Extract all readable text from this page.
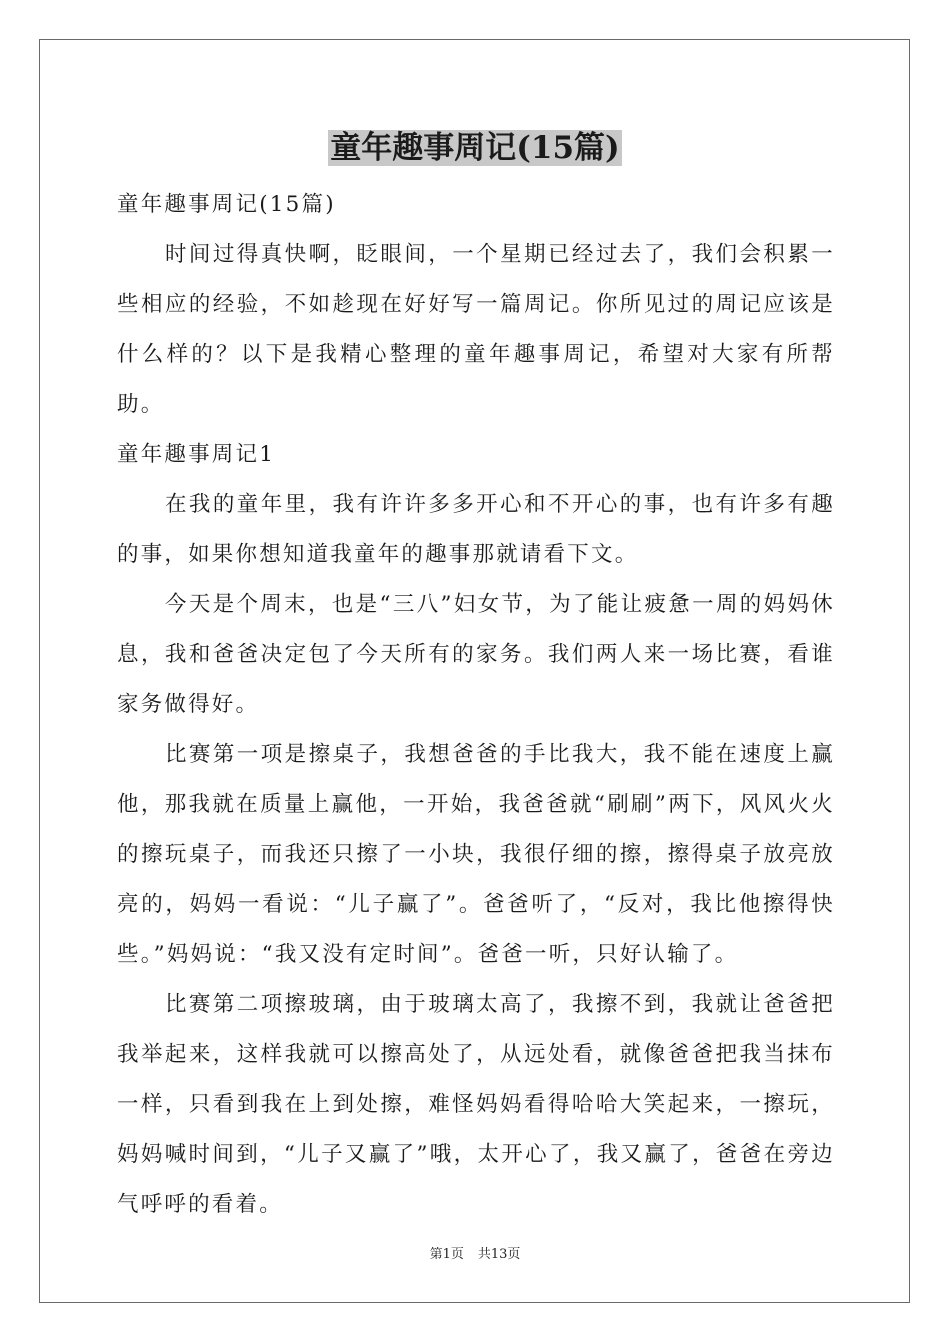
童年趣事周记(15篇)

童年趣事周记(15篇)

时间过得真快啊，眨眼间，一个星期已经过去了，我们会积累一些相应的经验，不如趁现在好好写一篇周记。你所见过的周记应该是什么样的？以下是我精心整理的童年趣事周记，希望对大家有所帮助。

童年趣事周记1

在我的童年里，我有许许多多开心和不开心的事，也有许多有趣的事，如果你想知道我童年的趣事那就请看下文。

今天是个周末，也是“三八”妇女节，为了能让疲惫一周的妈妈休息，我和爸爸决定包了今天所有的家务。我们两人来一场比赛，看谁家务做得好。

比赛第一项是擦桌子，我想爸爸的手比我大，我不能在速度上赢他，那我就在质量上赢他，一开始，我爸爸就“刷刷”两下，风风火火的擦玩桌子，而我还只擦了一小块，我很仔细的擦，擦得桌子放亮放亮的，妈妈一看说：“儿子赢了”。爸爸听了，“反对，我比他擦得快些。”妈妈说：“我又没有定时间”。爸爸一听，只好认输了。

比赛第二项擦玻璃，由于玻璃太高了，我擦不到，我就让爸爸把我举起来，这样我就可以擦高处了，从远处看，就像爸爸把我当抹布一样，只看到我在上到处擦，难怪妈妈看得哈哈大笑起来，一擦玩，妈妈喊时间到，“儿子又赢了”哦，太开心了，我又赢了，爸爸在旁边气呼呼的看着。

第1页 共13页
